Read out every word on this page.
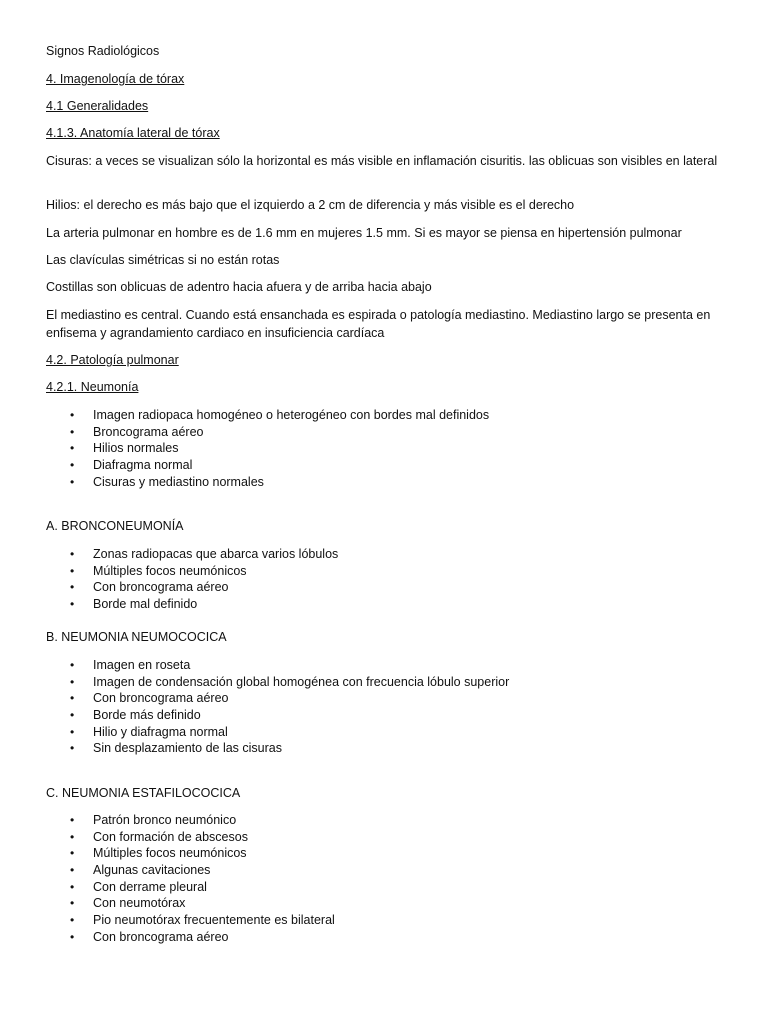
Signos Radiológicos
4. Imagenología de tórax
4.1 Generalidades
4.1.3. Anatomía lateral de tórax
Cisuras: a veces se visualizan sólo la horizontal es más visible en inflamación cisuritis. las oblicuas son visibles en lateral
Hilios: el derecho es más bajo que el izquierdo a 2 cm de diferencia y más visible es el derecho
La arteria pulmonar en hombre es de 1.6 mm en mujeres 1.5 mm. Si es mayor se piensa en hipertensión pulmonar
Las clavículas simétricas si no están rotas
Costillas son oblicuas de adentro hacia afuera y de arriba hacia abajo
El mediastino es central. Cuando está ensanchada es espirada o patología mediastino. Mediastino largo se presenta en enfisema y agrandamiento cardiaco en insuficiencia cardíaca
4.2. Patología pulmonar
4.2.1. Neumonía
• Imagen radiopaca homogéneo o heterogéneo con bordes mal definidos
• Broncograma aéreo
• Hilios normales
• Diafragma normal
• Cisuras y mediastino normales
A. BRONCONEUMONÍA
• Zonas radiopacas que abarca varios lóbulos
• Múltiples focos neumónicos
• Con broncograma aéreo
• Borde mal definido
B. NEUMONIA NEUMOCOCICA
• Imagen en roseta
• Imagen de condensación global homogénea con frecuencia lóbulo superior
• Con broncograma aéreo
• Borde más definido
• Hilio y diafragma normal
• Sin desplazamiento de las cisuras
C. NEUMONIA ESTAFILOCOCICA
• Patrón bronco neumónico
• Con formación de abscesos
• Múltiples focos neumónicos
• Algunas cavitaciones
• Con derrame pleural
• Con neumotórax
• Pio neumotórax frecuentemente es bilateral
• Con broncograma aéreo
